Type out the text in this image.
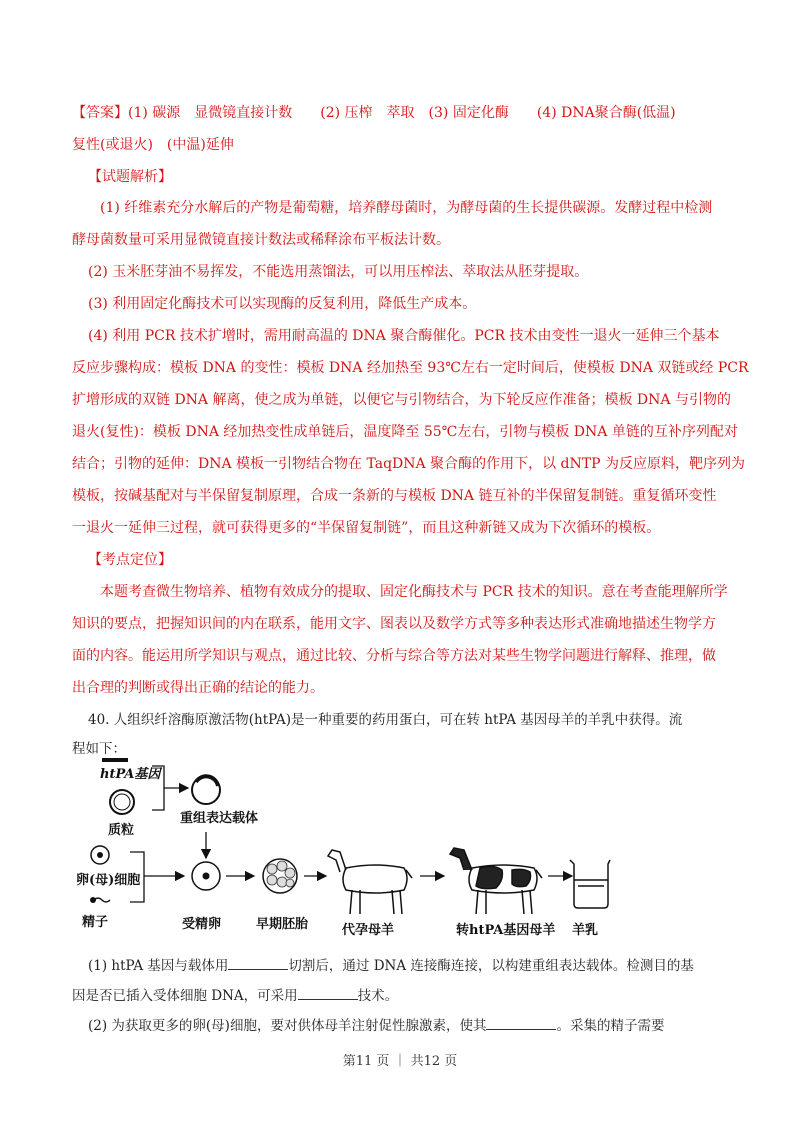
【答案】(1) 碳源　显微镜直接计数　　(2) 压榨　萃取　(3) 固定化酶　　(4) DNA聚合酶(低温)
复性(或退火)　(中温)延伸
【试题解析】
(1) 纤维素充分水解后的产物是葡萄糖，培养酵母菌时，为酵母菌的生长提供碳源。发酵过程中检测
酵母菌数量可采用显微镜直接计数法或稀释涂布平板法计数。
(2) 玉米胚芽油不易挥发，不能选用蒸馏法，可以用压榨法、萃取法从胚芽提取。
(3) 利用固定化酶技术可以实现酶的反复利用，降低生产成本。
(4) 利用 PCR 技术扩增时，需用耐高温的 DNA 聚合酶催化。PCR 技术由变性一退火一延伸三个基本
反应步骤构成：模板 DNA 的变性：模板 DNA 经加热至 93℃左右一定时间后，使模板 DNA 双链或经 PCR
扩增形成的双链 DNA 解离，使之成为单链，以便它与引物结合，为下轮反应作准备；模板 DNA 与引物的
退火(复性)：模板 DNA 经加热变性成单链后，温度降至 55℃左右，引物与模板 DNA 单链的互补序列配对
结合；引物的延伸：DNA 模板一引物结合物在 TaqDNA 聚合酶的作用下，以 dNTP 为反应原料，靶序列为
模板，按碱基配对与半保留复制原理，合成一条新的与模板 DNA 链互补的半保留复制链。重复循环变性
一退火一延伸三过程，就可获得更多的“半保留复制链”，而且这种新链又成为下次循环的模板。
【考点定位】
本题考查微生物培养、植物有效成分的提取、固定化酶技术与 PCR 技术的知识。意在考查能理解所学
知识的要点，把握知识间的内在联系，能用文字、图表以及数学方式等多种表达形式准确地描述生物学方
面的内容。能运用所学知识与观点，通过比较、分析与综合等方法对某些生物学问题进行解释、推理，做
出合理的判断或得出正确的结论的能力。
40. 人组织纤溶酶原激活物(htPA)是一种重要的药用蛋白，可在转 htPA 基因母羊的羊乳中获得。流
程如下：
htPA基因
质粒
重组表达载体
卵(母)细胞
精子	受精卵	早期胚胎	代孕母羊	转htPA基因母羊 羊乳
(1) htPA 基因与载体用	切割后，通过 DNA 连接酶连接，以构建重组表达载体。检测目的基
因是否已插入受体细胞 DNA，可采用	技术。
(2) 为获取更多的卵(母)细胞，要对供体母羊注射促性腺激素，使其	。采集的精子需要
第11 页 ｜ 共12 页
